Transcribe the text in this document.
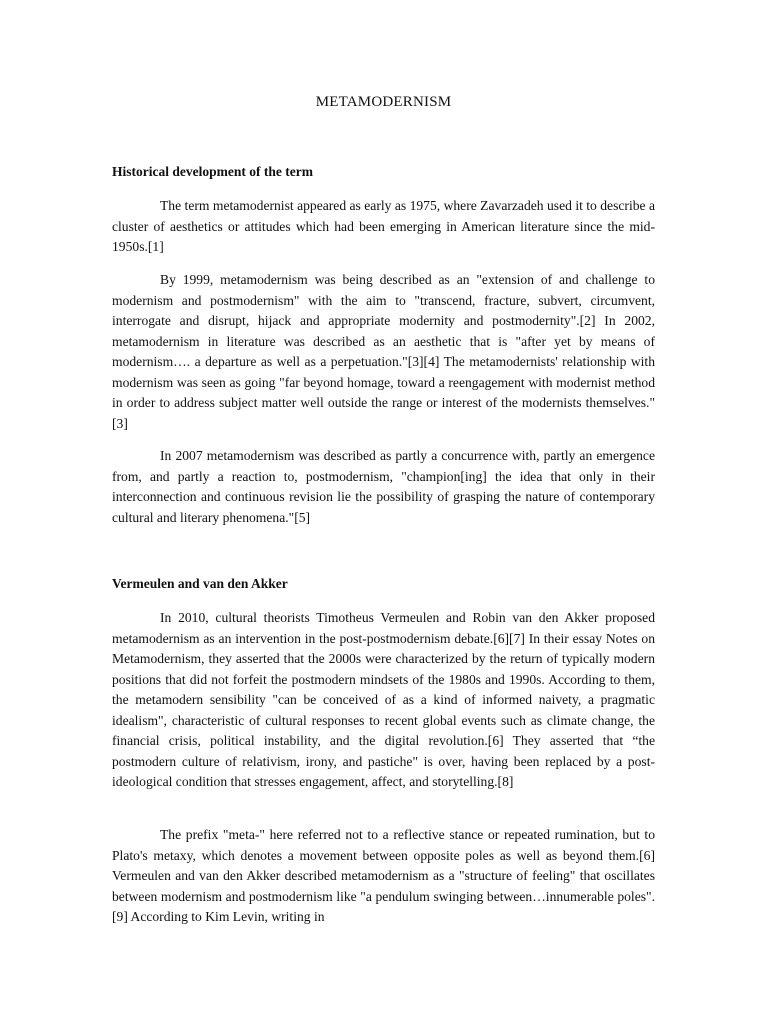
METAMODERNISM
Historical development of the term

The term metamodernist appeared as early as 1975, where Zavarzadeh used it to describe a cluster of aesthetics or attitudes which had been emerging in American literature since the mid-1950s.[1]

By 1999, metamodernism was being described as an "extension of and challenge to modernism and postmodernism" with the aim to "transcend, fracture, subvert, circumvent, interrogate and disrupt, hijack and appropriate modernity and postmodernity".[2] In 2002, metamodernism in literature was described as an aesthetic that is "after yet by means of modernism…. a departure as well as a perpetuation."[3][4] The metamodernists' relationship with modernism was seen as going "far beyond homage, toward a reengagement with modernist method in order to address subject matter well outside the range or interest of the modernists themselves."[3]

In 2007 metamodernism was described as partly a concurrence with, partly an emergence from, and partly a reaction to, postmodernism, "champion[ing] the idea that only in their interconnection and continuous revision lie the possibility of grasping the nature of contemporary cultural and literary phenomena."[5]

Vermeulen and van den Akker

In 2010, cultural theorists Timotheus Vermeulen and Robin van den Akker proposed metamodernism as an intervention in the post-postmodernism debate.[6][7] In their essay Notes on Metamodernism, they asserted that the 2000s were characterized by the return of typically modern positions that did not forfeit the postmodern mindsets of the 1980s and 1990s. According to them, the metamodern sensibility "can be conceived of as a kind of informed naivety, a pragmatic idealism", characteristic of cultural responses to recent global events such as climate change, the financial crisis, political instability, and the digital revolution.[6] They asserted that “the postmodern culture of relativism, irony, and pastiche" is over, having been replaced by a post-ideological condition that stresses engagement, affect, and storytelling.[8]

The prefix "meta-" here referred not to a reflective stance or repeated rumination, but to Plato's metaxy, which denotes a movement between opposite poles as well as beyond them.[6] Vermeulen and van den Akker described metamodernism as a "structure of feeling" that oscillates between modernism and postmodernism like "a pendulum swinging between…innumerable poles".[9] According to Kim Levin, writing in
